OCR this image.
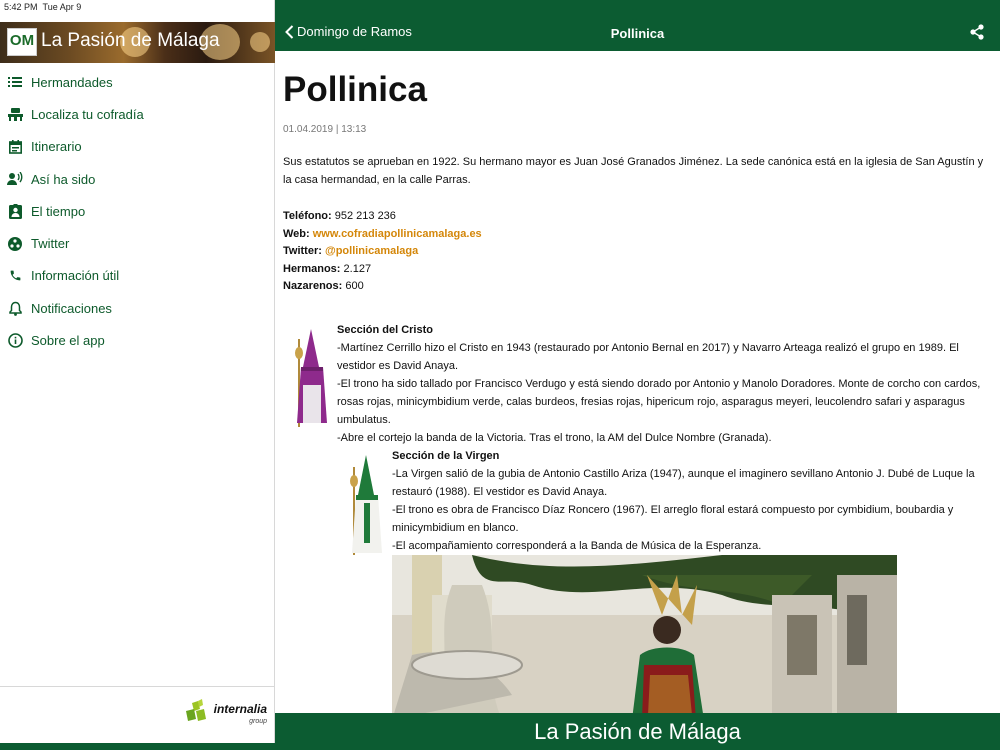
OM La Pasión de Málaga
Hermandades
Localiza tu cofradía
Itinerario
Así ha sido
El tiempo
Twitter
Información útil
Notificaciones
Sobre el app
internalia
group
5:42 PM Tue Apr 9
Domingo de Ramos	Pollinica
Pollinica
01.04.2019 | 13:13

Sus estatutos se aprueban en 1922. Su hermano mayor es Juan José Granados Jiménez. La sede canónica está en la iglesia de San Agustín y la casa hermandad, en la calle Parras.

Teléfono: 952 213 236
Web: www.cofradiapollinicamalaga.es
Twitter: @pollinicamalaga
Hermanos: 2.127
Nazarenos: 600
Sección del Cristo
-Martínez Cerrillo hizo el Cristo en 1943 (restaurado por Antonio Bernal en 2017) y Navarro Arteaga realizó el grupo en 1989. El vestidor es David Anaya.
-El trono ha sido tallado por Francisco Verdugo y está siendo dorado por Antonio y Manolo Doradores. Monte de corcho con cardos, rosas rojas, minicymbidium verde, calas burdeos, fresias rojas, hipericum rojo, asparagus meyeri, leucolendro safari y asparagus umbulatus.
-Abre el cortejo la banda de la Victoria. Tras el trono, la AM del Dulce Nombre (Granada).
Sección de la Virgen
-La Virgen salió de la gubia de Antonio Castillo Ariza (1947), aunque el imaginero sevillano Antonio J. Dubé de Luque la restauró (1988). El vestidor es David Anaya.
-El trono es obra de Francisco Díaz Roncero (1967). El arreglo floral estará compuesto por cymbidium, boubardia y minicymbidium en blanco.
-El acompañamiento corresponderá a la Banda de Música de la Esperanza.
La Pasión de Málaga
